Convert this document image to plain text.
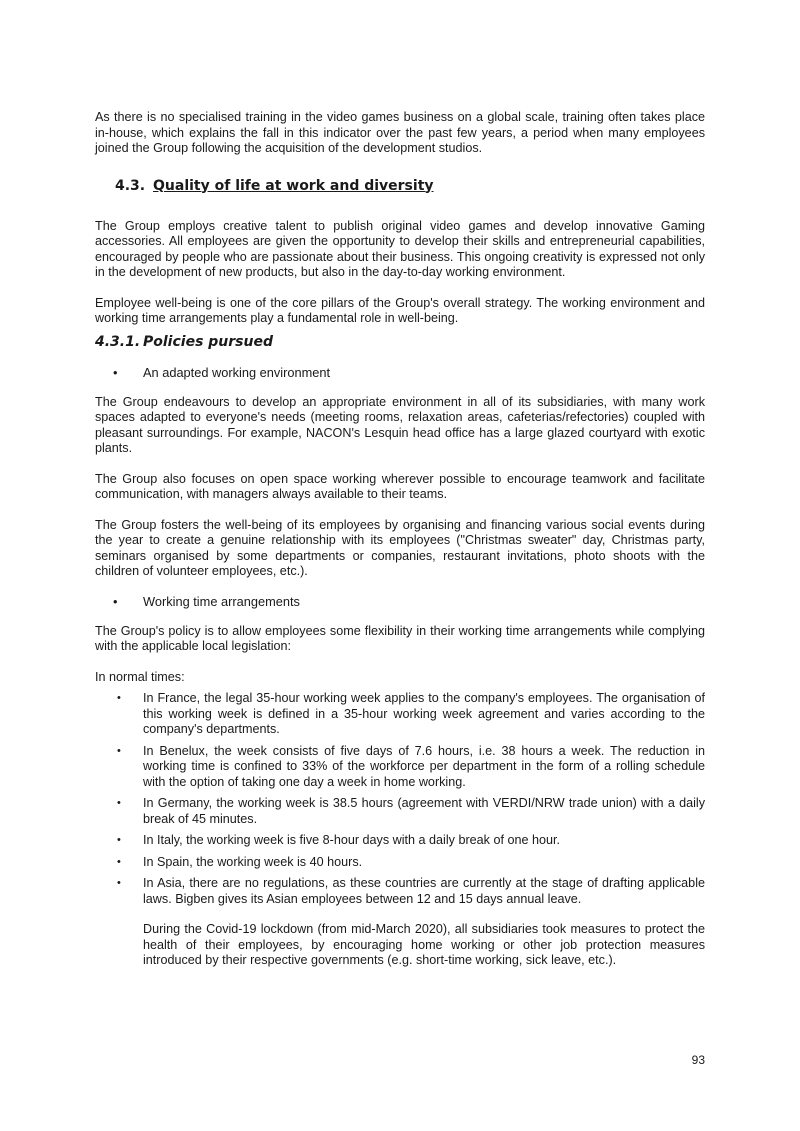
As there is no specialised training in the video games business on a global scale, training often takes place in-house, which explains the fall in this indicator over the past few years, a period when many employees joined the Group following the acquisition of the development studios.

4.3. Quality of life at work and diversity

The Group employs creative talent to publish original video games and develop innovative Gaming accessories. All employees are given the opportunity to develop their skills and entrepreneurial capabilities, encouraged by people who are passionate about their business. This ongoing creativity is expressed not only in the development of new products, but also in the day-to-day working environment.

Employee well-being is one of the core pillars of the Group's overall strategy. The working environment and working time arrangements play a fundamental role in well-being.

4.3.1. Policies pursued
• An adapted working environment

The Group endeavours to develop an appropriate environment in all of its subsidiaries, with many work spaces adapted to everyone's needs (meeting rooms, relaxation areas, cafeterias/refectories) coupled with pleasant surroundings. For example, NACON's Lesquin head office has a large glazed courtyard with exotic plants.

The Group also focuses on open space working wherever possible to encourage teamwork and facilitate communication, with managers always available to their teams.

The Group fosters the well-being of its employees by organising and financing various social events during the year to create a genuine relationship with its employees ("Christmas sweater" day, Christmas party, seminars organised by some departments or companies, restaurant invitations, photo shoots with the children of volunteer employees, etc.).

• Working time arrangements

The Group's policy is to allow employees some flexibility in their working time arrangements while complying with the applicable local legislation:

In normal times:

• In France, the legal 35-hour working week applies to the company's employees. The organisation of this working week is defined in a 35-hour working week agreement and varies according to the company's departments.

• In Benelux, the week consists of five days of 7.6 hours, i.e. 38 hours a week. The reduction in working time is confined to 33% of the workforce per department in the form of a rolling schedule with the option of taking one day a week in home working.

• In Germany, the working week is 38.5 hours (agreement with VERDI/NRW trade union) with a daily break of 45 minutes.

• In Italy, the working week is five 8-hour days with a daily break of one hour.

• In Spain, the working week is 40 hours.

• In Asia, there are no regulations, as these countries are currently at the stage of drafting applicable laws. Bigben gives its Asian employees between 12 and 15 days annual leave.

During the Covid-19 lockdown (from mid-March 2020), all subsidiaries took measures to protect the health of their employees, by encouraging home working or other job protection measures introduced by their respective governments (e.g. short-time working, sick leave, etc.).

93
